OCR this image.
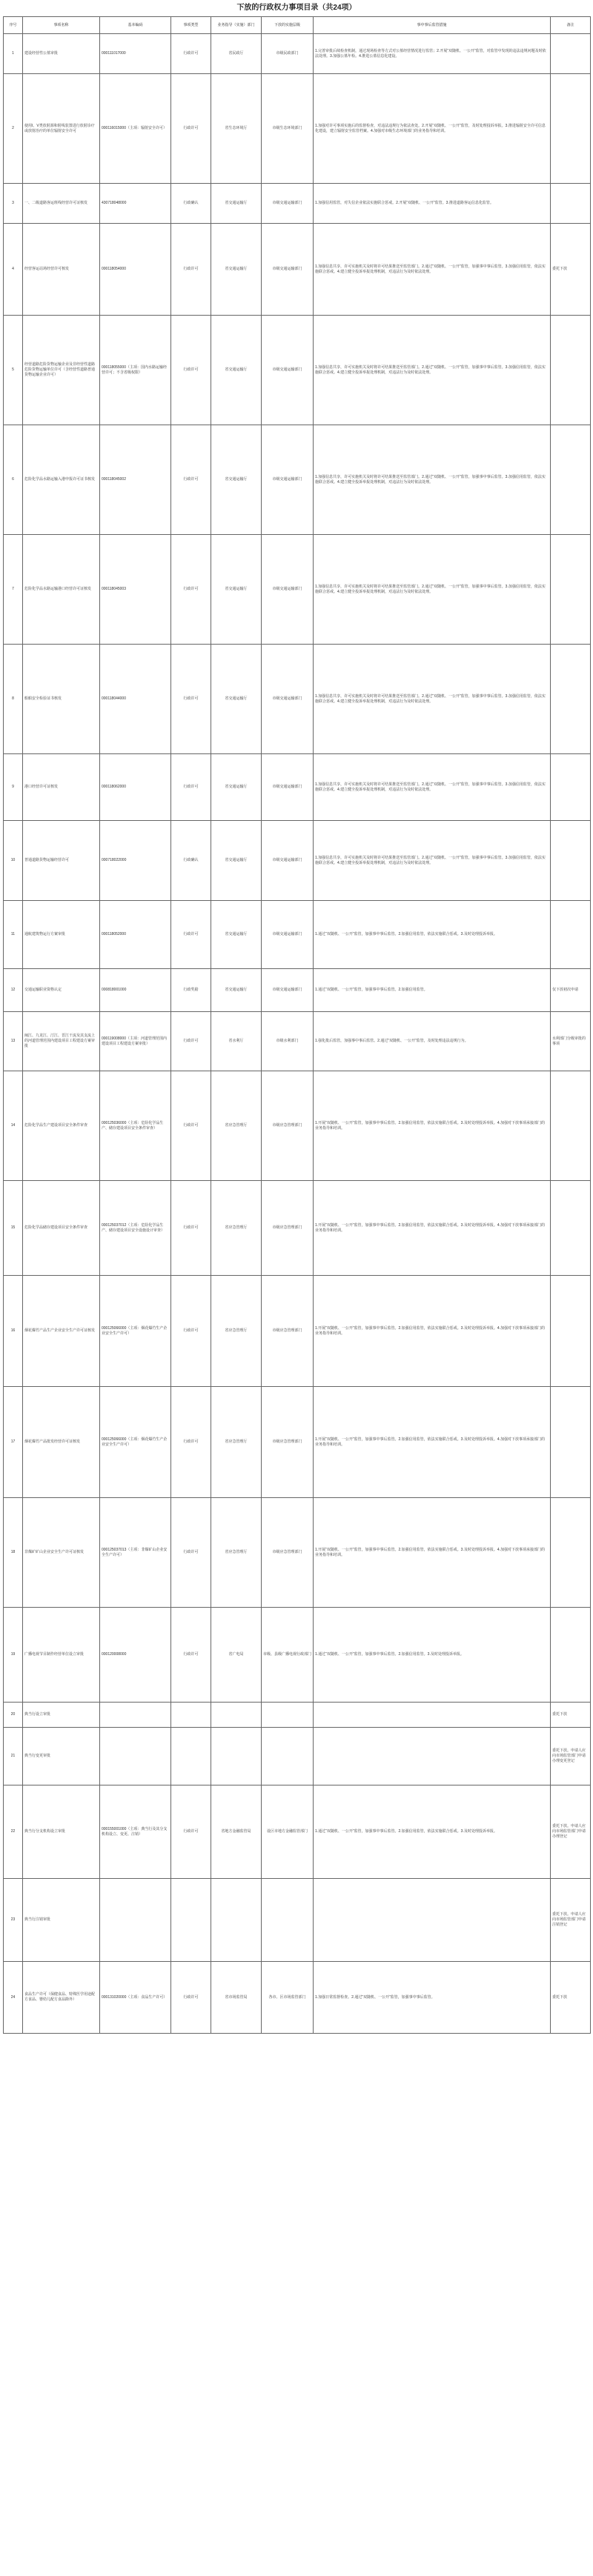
下放的行政权力事项目录（共24项）
序号	事项名称	基本编码	事项类型	业务指导（实施）部门	下放的实施层级	事中事后监管措施	备注
1	建设经营性公墓审批	000111017000	行政许可	省民政厅	市级民政部门	1.完善审批后续检查机制，通过现场检查等方式对公墓经营情况进行监管；2.开展“双随机、一公开”监管，对监管中发现的违法违规问题及时依法处理。3.加强公墓年检。4.推进公墓信息化建设。	
2	使用I、V类放射源和射线装置进行放射诊疗或放射治疗的单位辐射安全许可	000116015000（主项：辐射安全许可）	行政许可	省生态环境厅	市级生态环境部门	1.加强对许可事项实施后的监督检查，对违法违规行为依法查处。2.开展“双随机、一公开”监管，及时处理投诉举报。3.推进辐射安全许可信息化建设，建立辐射安全监管档案。4.加强对市级生态环境部门的业务指导和培训。	
3	一、二级道路客运班线经营许可证核发	430718048000	行政确认	省交通运输厅	市级交通运输部门	1.加强信用监管，对失信企业依法实施联合惩戒。2.开展“双随机、一公开”监管。3.推进道路客运信息化监管。	
4	经营客运站场经营许可核发	000118054000	行政许可	省交通运输厅	市级交通运输部门	1.加强信息共享，许可实施机关及时将许可结果推送至监管部门。2.通过“双随机、一公开”监管，加强事中事后监管。3.加强信用监管，依法实施联合惩戒。4.建立健全投诉举报处理机制，对违法行为及时依法处理。	委托下放
5	经营道路危险货物运输企业及非经营性道路危险货物运输单位许可（含经营性道路普通货物运输企业许可）	000118055000（主项：国内水路运输经营许可；不含省级权限）	行政许可	省交通运输厅	市级交通运输部门	1.加强信息共享，许可实施机关及时将许可结果推送至监管部门。2.通过“双随机、一公开”监管，加强事中事后监管。3.加强信用监管，依法实施联合惩戒。4.建立健全投诉举报处理机制，对违法行为及时依法处理。	
6	危险化学品水路运输入港申报许可证书核发	000118045002	行政许可	省交通运输厅	市级交通运输部门	1.加强信息共享，许可实施机关及时将许可结果推送至监管部门。2.通过“双随机、一公开”监管，加强事中事后监管。3.加强信用监管，依法实施联合惩戒。4.建立健全投诉举报处理机制，对违法行为及时依法处理。	
7	危险化学品水路运输港口经营许可证核发	000118045003	行政许可	省交通运输厅	市级交通运输部门	1.加强信息共享，许可实施机关及时将许可结果推送至监管部门。2.通过“双随机、一公开”监管，加强事中事后监管。3.加强信用监管，依法实施联合惩戒。4.建立健全投诉举报处理机制，对违法行为及时依法处理。	
8	船舶安全检验证书核发	000118044000	行政许可	省交通运输厅	市级交通运输部门	1.加强信息共享，许可实施机关及时将许可结果推送至监管部门。2.通过“双随机、一公开”监管，加强事中事后监管。3.加强信用监管，依法实施联合惩戒。4.建立健全投诉举报处理机制，对违法行为及时依法处理。	
9	港口经营许可证核发	000118062000	行政许可	省交通运输厅	市级交通运输部门	1.加强信息共享，许可实施机关及时将许可结果推送至监管部门。2.通过“双随机、一公开”监管，加强事中事后监管。3.加强信用监管，依法实施联合惩戒。4.建立健全投诉举报处理机制，对违法行为及时依法处理。	
10	普通道路货物运输经营许可	000718022000	行政确认	省交通运输厅	市级交通运输部门	1.加强信息共享，许可实施机关及时将许可结果推送至监管部门。2.通过“双随机、一公开”监管，加强事中事后监管。3.加强信用监管，依法实施联合惩戒。4.建立健全投诉举报处理机制，对违法行为及时依法处理。	
11	通航建筑物运行方案审批	000118052000	行政许可	省交通运输厅	市级交通运输部门	1.通过“双随机、一公开”监管，加强事中事后监管。2.加强信用监管，依法实施联合惩戒。3.及时处理投诉举报。	
12	交通运输职业资格认定	000818001000	行政奖励	省交通运输厅	市级交通运输部门	1.通过“双随机、一公开”监管，加强事中事后监管。2.加强信用监管。	仅下放初次申请
13	闽江、九龙江、汀江、晋江干流及其支流上的河道管理范围内建设项目工程建设方案审批	000119008000（主项：河道管理范围内建设项目工程建设方案审批）	行政许可	省水利厅	市级水利部门	1.强化批后监管，加强事中事后监管。2.通过“双随机、一公开”监管，及时处理违法违规行为。	水利部门分级审批的事项
14	危险化学品生产建设项目安全条件审查	000125036000（主项：危险化学品生产、储存建设项目安全条件审查）	行政许可	省应急管理厅	市级应急管理部门	1.开展“双随机、一公开”监管，加强事中事后监管。2.加强信用监管，依法实施联合惩戒。3.及时处理投诉举报。4.加强对下放事项承接部门的业务指导和培训。	
15	危险化学品储存建设项目安全条件审查	000125037012（主项：危险化学品生产、储存建设项目安全设施设计审查）	行政许可	省应急管理厅	市级应急管理部门	1.开展“双随机、一公开”监管，加强事中事后监管。2.加强信用监管，依法实施联合惩戒。3.及时处理投诉举报。4.加强对下放事项承接部门的业务指导和培训。	
16	烟花爆竹产品生产企业安全生产许可证核发	000125066000（主项：烟花爆竹生产企业安全生产许可）	行政许可	省应急管理厅	市级应急管理部门	1.开展“双随机、一公开”监管，加强事中事后监管。2.加强信用监管，依法实施联合惩戒。3.及时处理投诉举报。4.加强对下放事项承接部门的业务指导和培训。	
17	烟花爆竹产品批发经营许可证核发	000125066000（主项：烟花爆竹生产企业安全生产许可）	行政许可	省应急管理厅	市级应急管理部门	1.开展“双随机、一公开”监管，加强事中事后监管。2.加强信用监管，依法实施联合惩戒。3.及时处理投诉举报。4.加强对下放事项承接部门的业务指导和培训。	
18	非煤矿矿山企业安全生产许可证核发	000125037013（主项：非煤矿山企业安全生产许可）	行政许可	省应急管理厅	市级应急管理部门	1.开展“双随机、一公开”监管，加强事中事后监管。2.加强信用监管，依法实施联合惩戒。3.及时处理投诉举报。4.加强对下放事项承接部门的业务指导和培训。	
19	广播电视节目制作经营单位设立审批	000120008000	行政许可	省广电局	市级、县级广播电视行政部门	1.通过“双随机、一公开”监管，加强事中事后监管。2.加强信用监管。3.及时处理投诉举报。	
20	典当行设立审批						委托下放
21	典当行变更审批						委托下放。申请人应向市场监管部门申请办理变更登记
22	典当行分支机构设立审批	000155001000（主项：典当行及其分支机构设立、变更、注销）	行政许可	省地方金融监管局	设区市地方金融监管部门	1.通过“双随机、一公开”监管，加强事中事后监管。2.加强信用监管，依法实施联合惩戒。3.及时处理投诉举报。	委托下放。申请人应向市场监管部门申请办理登记
23	典当行注销审批						委托下放。申请人应向市场监管部门申请注销登记
24	食品生产许可（保健食品、特殊医学用途配方食品、婴幼儿配方食品除外）	000131020000（主项：食品生产许可）	行政许可	省市场监管局	各市、区市场监管部门	1.加强日常监督检查。2.通过“双随机、一公开”监管，加强事中事后监管。	委托下放
